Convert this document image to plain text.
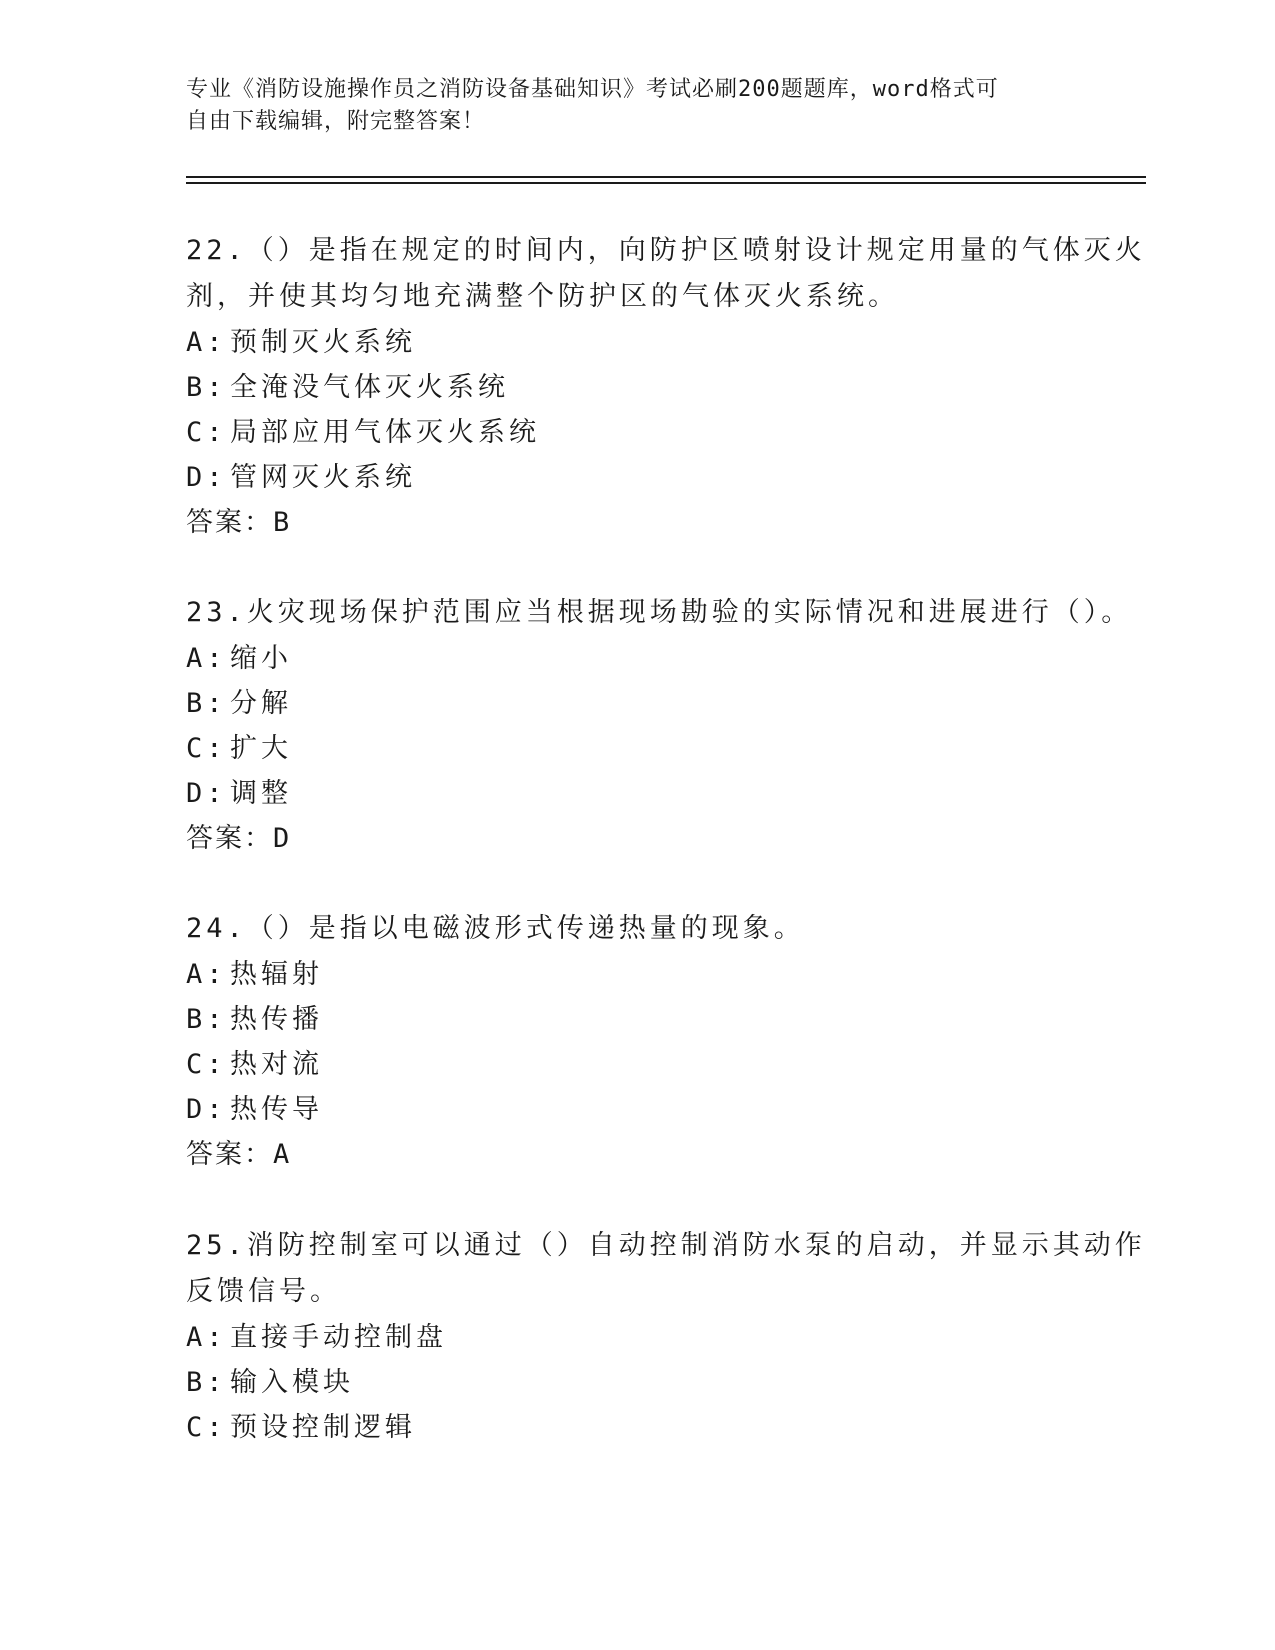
专业《消防设施操作员之消防设备基础知识》考试必刷200题题库，word格式可
自由下载编辑，附完整答案！
22.（）是指在规定的时间内，向防护区喷射设计规定用量的气体灭火
剂，并使其均匀地充满整个防护区的气体灭火系统。
A: 预制灭火系统
B: 全淹没气体灭火系统
C: 局部应用气体灭火系统
D: 管网灭火系统
答案：B
23.火灾现场保护范围应当根据现场勘验的实际情况和进展进行（）。
A: 缩小
B: 分解
C: 扩大
D: 调整
答案：D
24.（）是指以电磁波形式传递热量的现象。
A: 热辐射
B: 热传播
C: 热对流
D: 热传导
答案：A
25.消防控制室可以通过（）自动控制消防水泵的启动，并显示其动作
反馈信号。
A: 直接手动控制盘
B: 输入模块
C: 预设控制逻辑
